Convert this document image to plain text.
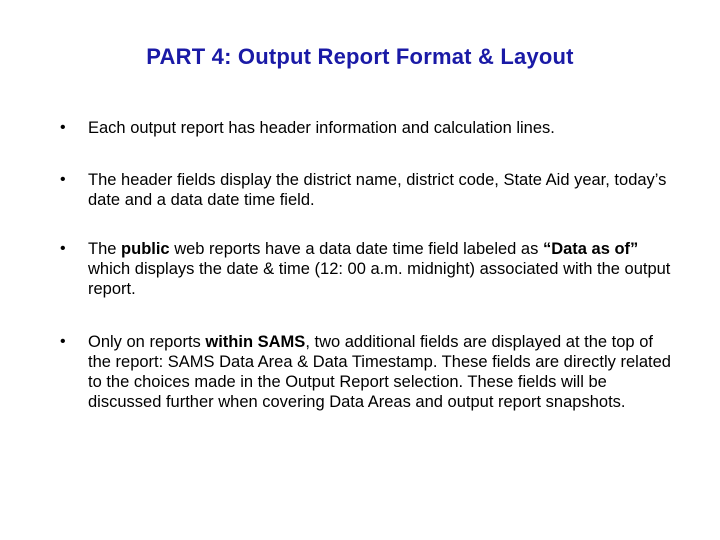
PART 4: Output Report Format & Layout
•	Each output report has header information and calculation lines.
•	The header fields display the district name, district code, State Aid year, today’s date and a data date time field.
•	The public web reports have a data date time field labeled as “Data as of” which displays the date & time (12: 00 a.m. midnight) associated with the output report.
•	Only on reports within SAMS, two additional fields are displayed at the top of the report: SAMS Data Area & Data Timestamp. These fields are directly related to the choices made in the Output Report selection. These fields will be discussed further when covering Data Areas and output report snapshots.
